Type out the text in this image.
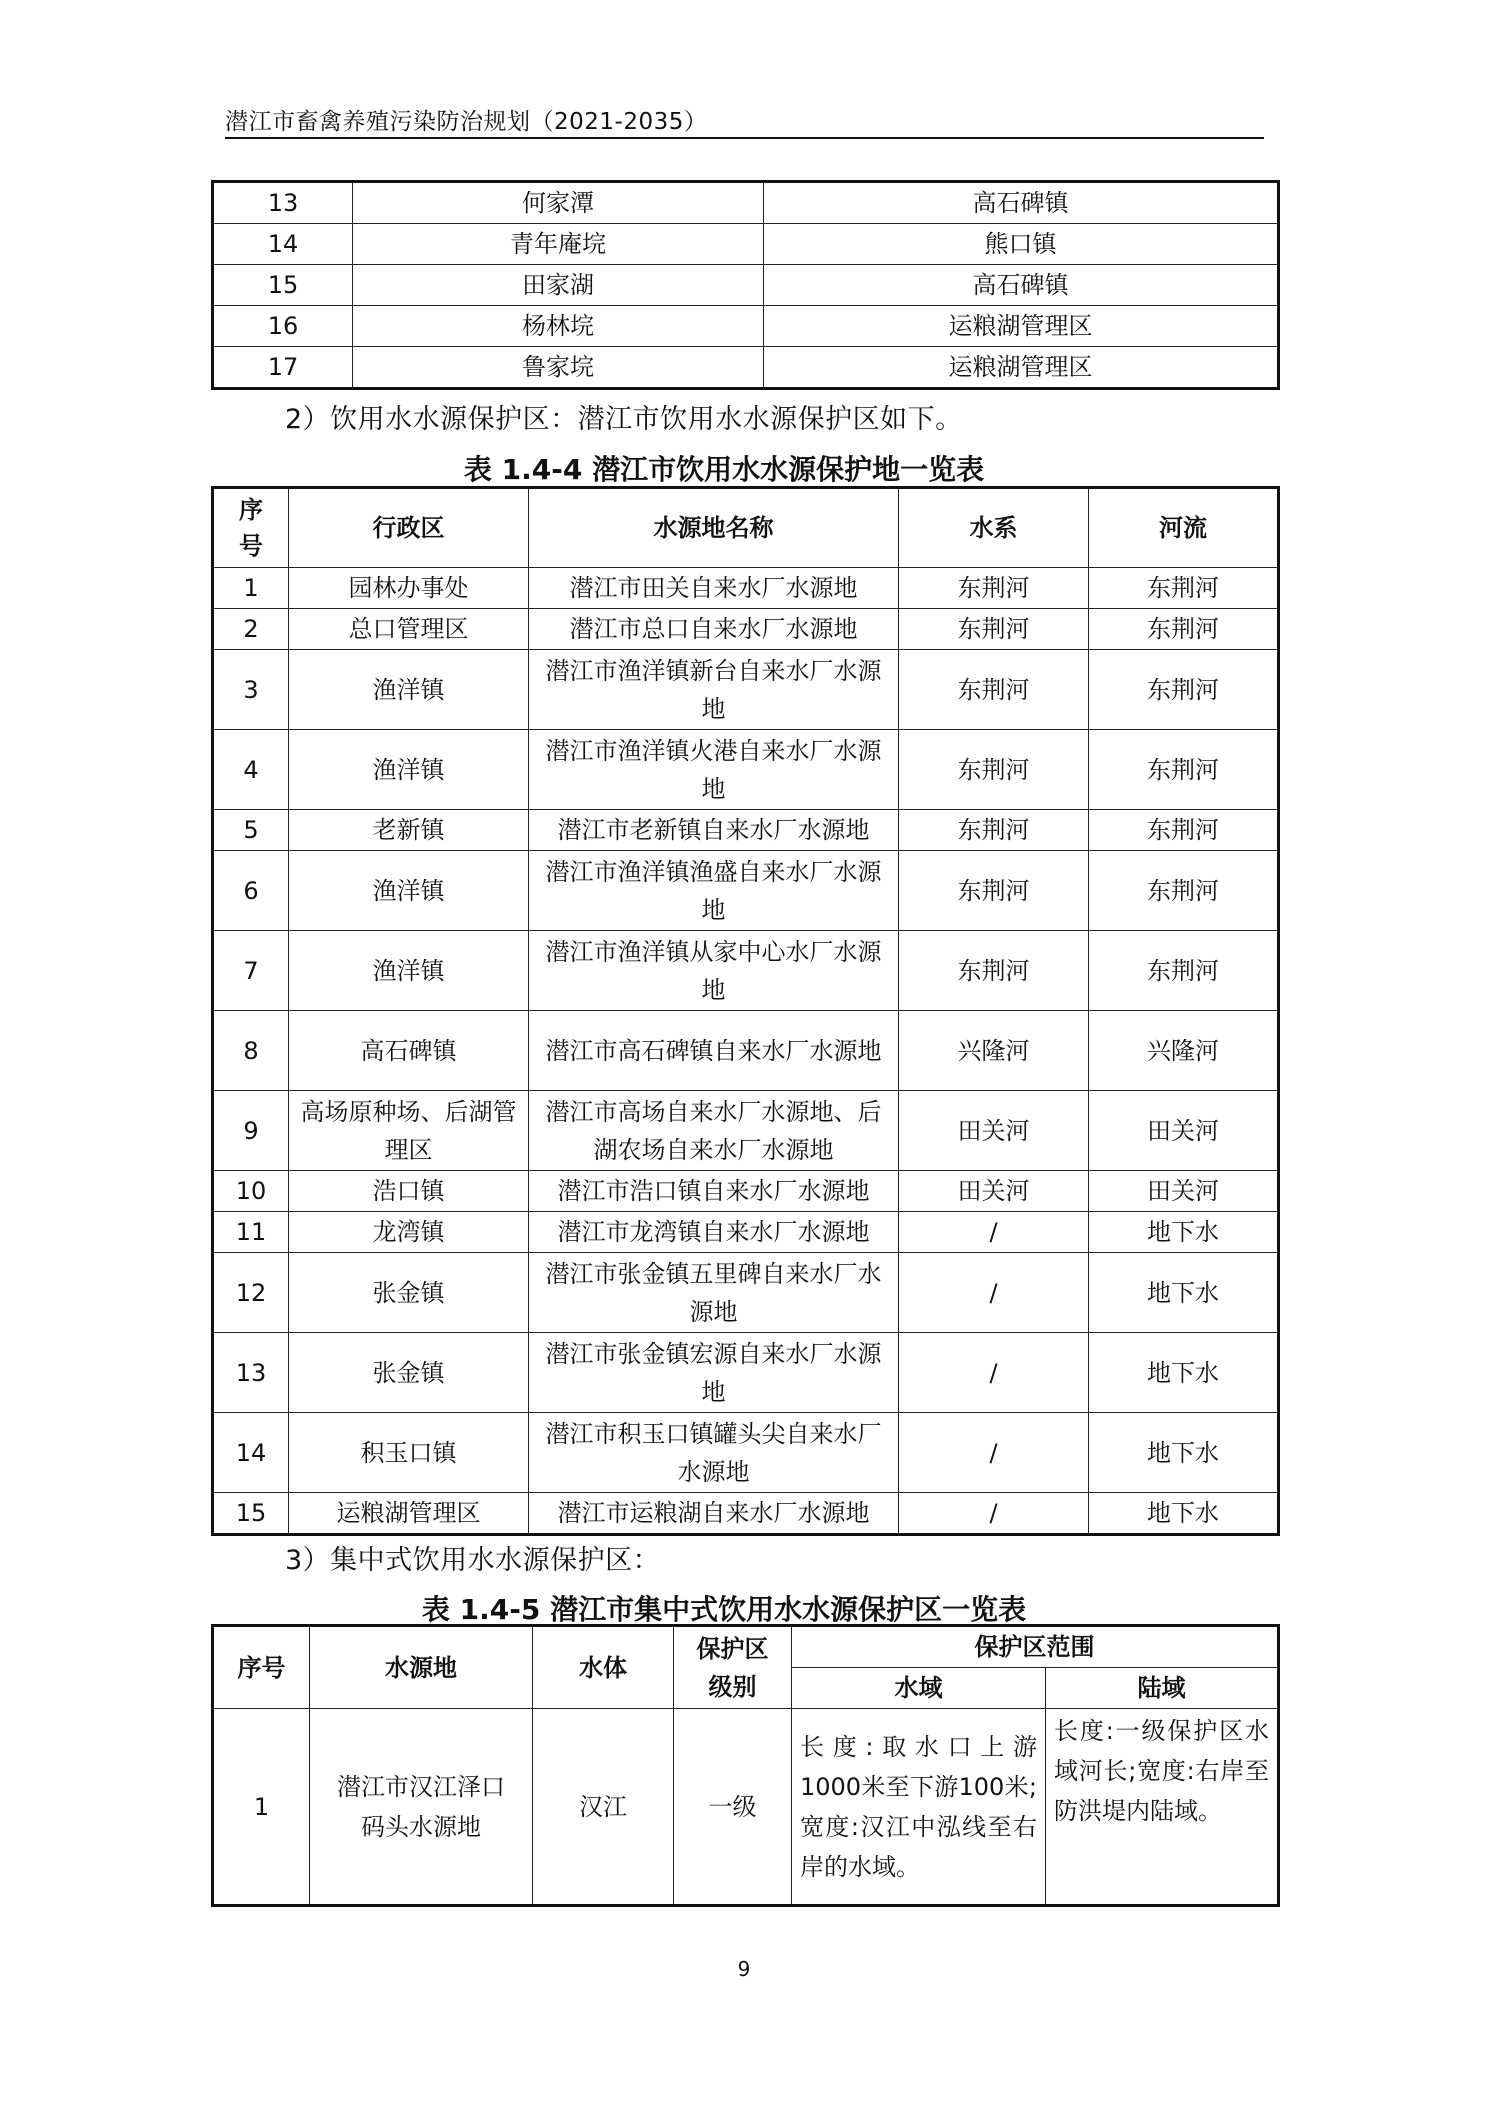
潜江市畜禽养殖污染防治规划（2021-2035）
13	何家潭	高石碑镇
14	青年庵垸	熊口镇
15	田家湖	高石碑镇
16	杨林垸	运粮湖管理区
17	鲁家垸	运粮湖管理区
2）饮用水水源保护区：潜江市饮用水水源保护区如下。
表 1.4-4 潜江市饮用水水源保护地一览表
序号	行政区	水源地名称	水系	河流
1	园林办事处	潜江市田关自来水厂水源地	东荆河	东荆河
2	总口管理区	潜江市总口自来水厂水源地	东荆河	东荆河
3	渔洋镇	潜江市渔洋镇新台自来水厂水源地	东荆河	东荆河
4	渔洋镇	潜江市渔洋镇火港自来水厂水源地	东荆河	东荆河
5	老新镇	潜江市老新镇自来水厂水源地	东荆河	东荆河
6	渔洋镇	潜江市渔洋镇渔盛自来水厂水源地	东荆河	东荆河
7	渔洋镇	潜江市渔洋镇从家中心水厂水源地	东荆河	东荆河
8	高石碑镇	潜江市高石碑镇自来水厂水源地	兴隆河	兴隆河
9	高场原种场、后湖管理区	潜江市高场自来水厂水源地、后湖农场自来水厂水源地	田关河	田关河
10	浩口镇	潜江市浩口镇自来水厂水源地	田关河	田关河
11	龙湾镇	潜江市龙湾镇自来水厂水源地	/	地下水
12	张金镇	潜江市张金镇五里碑自来水厂水源地	/	地下水
13	张金镇	潜江市张金镇宏源自来水厂水源地	/	地下水
14	积玉口镇	潜江市积玉口镇罐头尖自来水厂水源地	/	地下水
15	运粮湖管理区	潜江市运粮湖自来水厂水源地	/	地下水
3）集中式饮用水水源保护区：
表 1.4-5 潜江市集中式饮用水水源保护区一览表
序号	水源地	水体	保护区级别	保护区范围	
				水域	陆域
1	潜江市汉江泽口码头水源地	汉江	一级	长度:取水口上游1000米至下游100米;宽度:汉江中泓线至右岸的水域。	长度:一级保护区水域河长;宽度:右岸至防洪堤内陆域。
9
